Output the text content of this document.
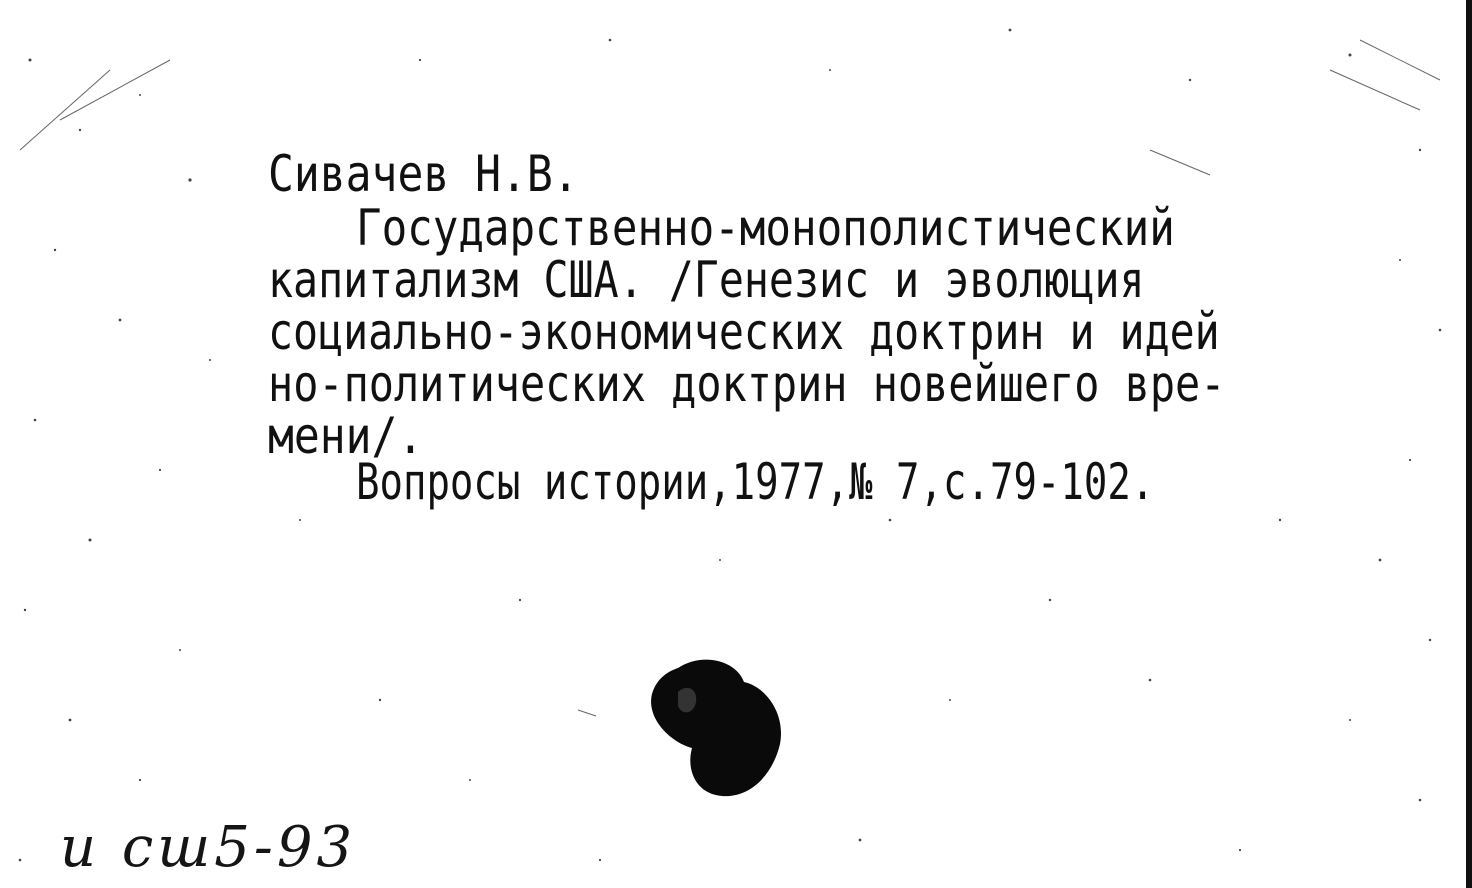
Сивачев Н.В.

Государственно-монополистический

капитализм США. /Генезис и эволюция

социально-экономических доктрин и идей

но-политических доктрин новейшего вре-

мени/.

Вопросы истории,1977,№ 7,с.79-102.

и сш5-93
